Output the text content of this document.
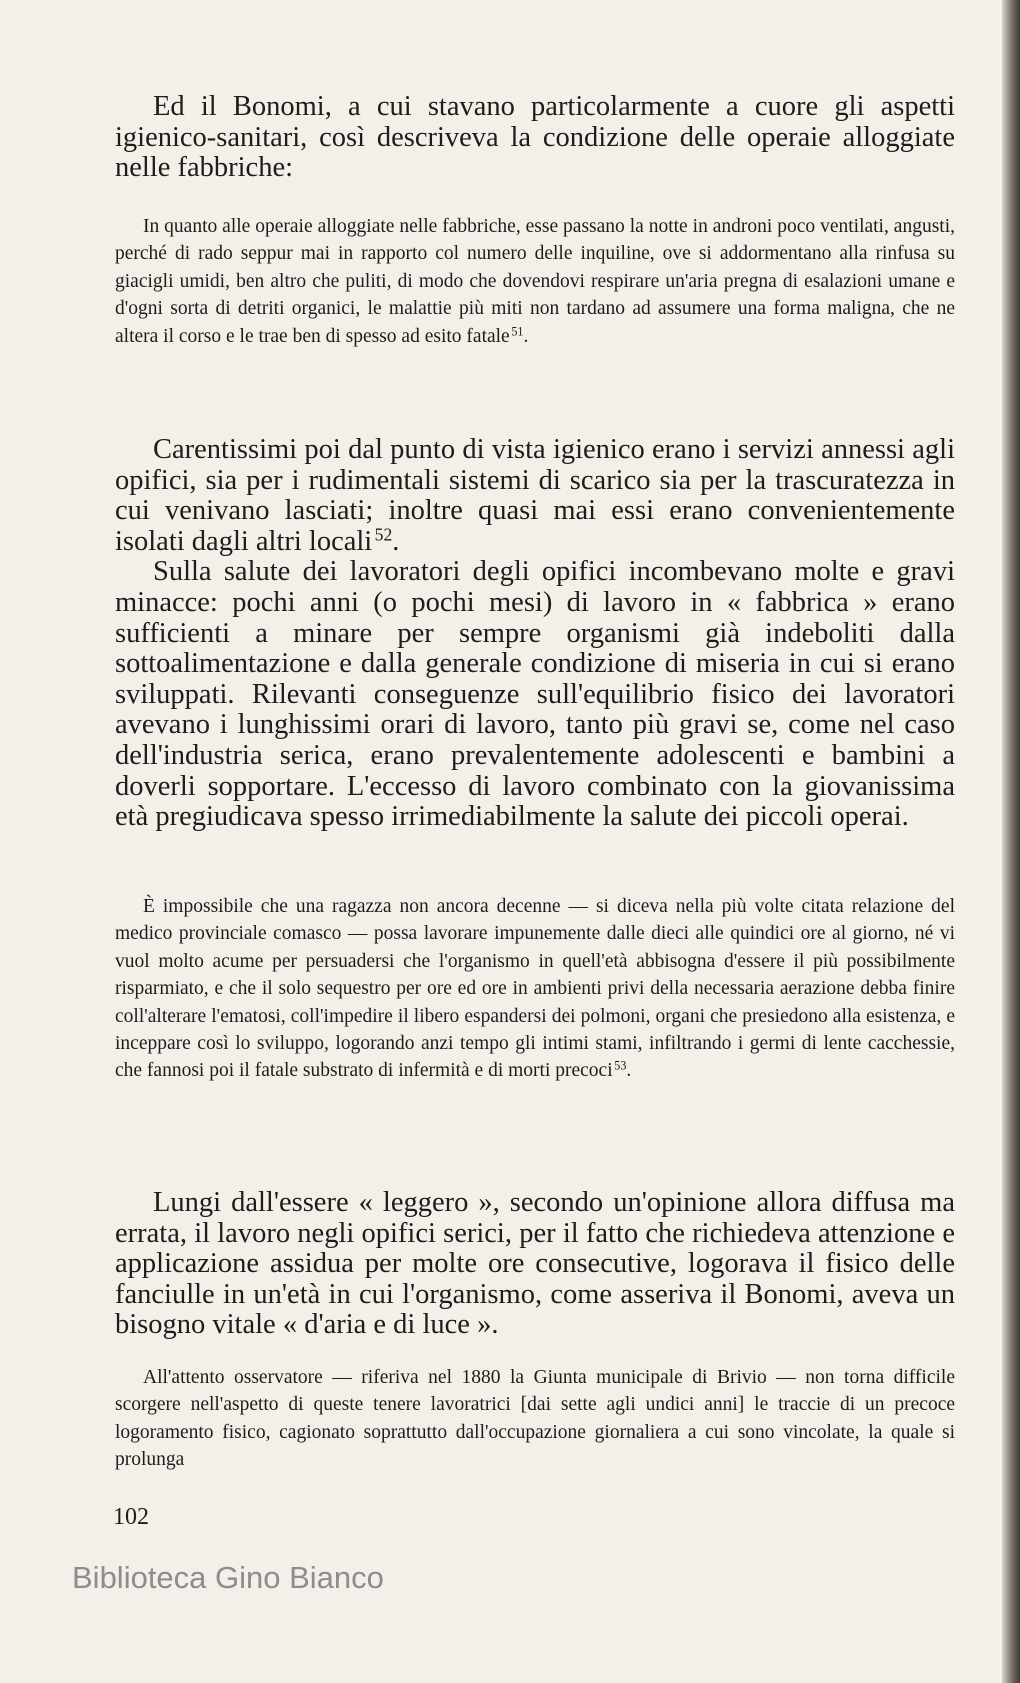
Ed il Bonomi, a cui stavano particolarmente a cuore gli aspetti igienico-sanitari, così descriveva la condizione delle operaie alloggiate nelle fabbriche:

In quanto alle operaie alloggiate nelle fabbriche, esse passano la notte in androni poco ventilati, angusti, perché di rado seppur mai in rapporto col numero delle inquiline, ove si addormentano alla rinfusa su giacigli umidi, ben altro che puliti, di modo che dovendovi respirare un'aria pregna di esalazioni umane e d'ogni sorta di detriti organici, le malattie più miti non tardano ad assumere una forma maligna, che ne altera il corso e le trae ben di spesso ad esito fatale  $^{51}$.

Carentissimi poi dal punto di vista igienico erano i servizi annessi agli opifici, sia per i rudimentali sistemi di scarico sia per la trascuratezza in cui venivano lasciati; inoltre quasi mai essi erano convenientemente isolati dagli altri locali  $^{52}$.

Sulla salute dei lavoratori degli opifici incombevano molte e gravi minacce: pochi anni (o pochi mesi) di lavoro in « fabbrica » erano sufficienti a minare per sempre organismi già indeboliti dalla sottoalimentazione e dalla generale condizione di miseria in cui si erano sviluppati. Rilevanti conseguenze sull'equilibrio fisico dei lavoratori avevano i lunghissimi orari di lavoro, tanto più gravi se, come nel caso dell'industria serica, erano prevalentemente adolescenti e bambini a doverli sopportare. L'eccesso di lavoro combinato con la giovanissima età pregiudicava spesso irrimediabilmente la salute dei piccoli operai.

È impossibile che una ragazza non ancora decenne — si diceva nella più volte citata relazione del medico provinciale comasco — possa lavorare impunemente dalle dieci alle quindici ore al giorno, né vi vuol molto acume per persuadersi che l'organismo in quell'età abbisogna d'essere il più possibilmente risparmiato, e che il solo sequestro per ore ed ore in ambienti privi della necessaria aerazione debba finire coll'alterare l'ematosi, coll'impedire il libero espandersi dei polmoni, organi che presiedono alla esistenza, e inceppare così lo sviluppo, logorando anzi tempo gli intimi stami, infiltrando i germi di lente cacchessie, che fannosi poi il fatale substrato di infermità e di morti precoci  $^{53}$.

Lungi dall'essere « leggero », secondo un'opinione allora diffusa ma errata, il lavoro negli opifici serici, per il fatto che richiedeva attenzione e applicazione assidua per molte ore consecutive, logorava il fisico delle fanciulle in un'età in cui l'organismo, come asseriva il Bonomi, aveva un bisogno vitale « d'aria e di luce ».

All'attento osservatore — riferiva nel 1880 la Giunta municipale di Brivio — non torna difficile scorgere nell'aspetto di queste tenere lavoratrici [dai sette agli undici anni] le traccie di un precoce logoramento fisico, cagionato soprattutto dall'occupazione giornaliera a cui sono vincolate, la quale si prolunga

102

Biblioteca Gino Bianco
